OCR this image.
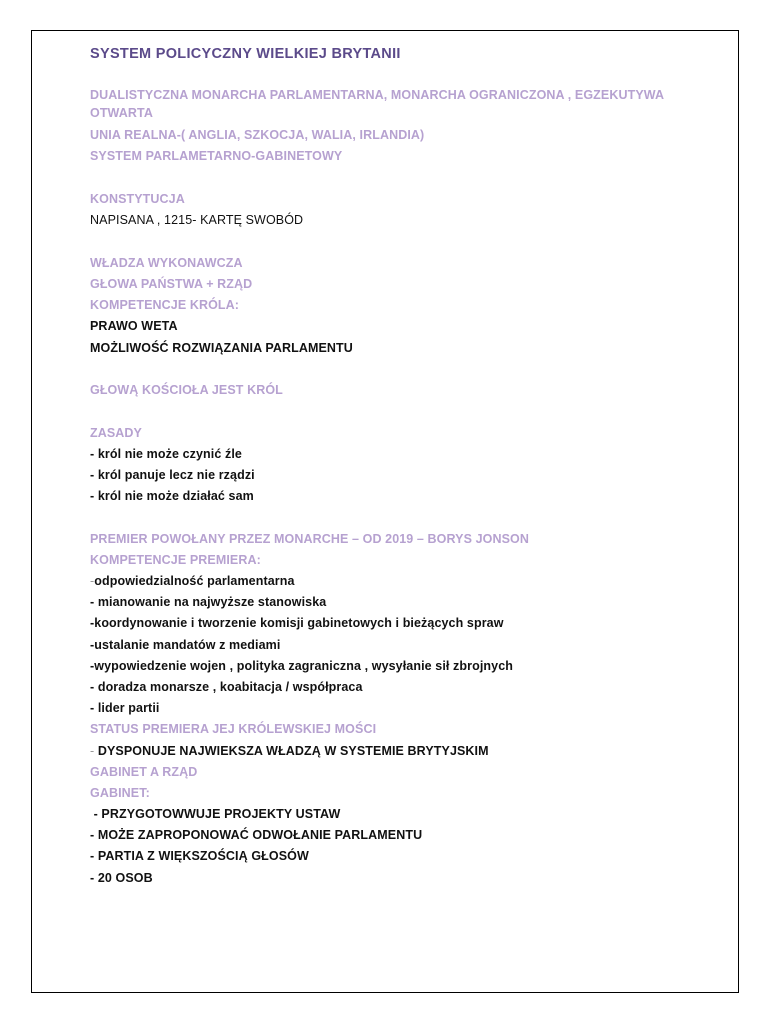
SYSTEM POLICYCZNY WIELKIEJ BRYTANII
DUALISTYCZNA MONARCHA PARLAMENTARNA, MONARCHA OGRANICZONA , EGZEKUTYWA
OTWARTA
UNIA REALNA-( ANGLIA, SZKOCJA, WALIA, IRLANDIA)
SYSTEM PARLAMETARNO-GABINETOWY
KONSTYTUCJA
NAPISANA , 1215- KARTĘ SWOBÓD
WŁADZA WYKONAWCZA
GŁOWA PAŃSTWA + RZĄD
KOMPETENCJE KRÓLA:
PRAWO WETA
MOŻLIWOŚĆ ROZWIĄZANIA PARLAMENTU
GŁOWĄ KOŚCIOŁA JEST KRÓL
ZASADY
- król nie może czynić źle
- król panuje lecz nie rządzi
- król nie może działać sam
PREMIER POWOŁANY PRZEZ MONARCHE – OD 2019 – BORYS JONSON
KOMPETENCJE PREMIERA:
-odpowiedzialność parlamentarna
- mianowanie na najwyższe stanowiska
-koordynowanie i tworzenie komisji gabinetowych i bieżących spraw
-ustalanie mandatów z mediami
-wypowiedzenie wojen , polityka zagraniczna , wysyłanie sił zbrojnych
- doradza monarsze , koabitacja / współpraca
- lider partii
STATUS PREMIERA JEJ KRÓLEWSKIEJ MOŚCI
- DYSPONUJE NAJWIEKSZA WŁADZĄ W SYSTEMIE BRYTYJSKIM
GABINET A RZĄD
GABINET:
- PRZYGOTOWWUJE PROJEKTY USTAW
- MOŻE ZAPROPONOWAĆ ODWOŁANIE PARLAMENTU
- PARTIA Z WIĘKSZOŚCIĄ GŁOSÓW
- 20 OSOB
